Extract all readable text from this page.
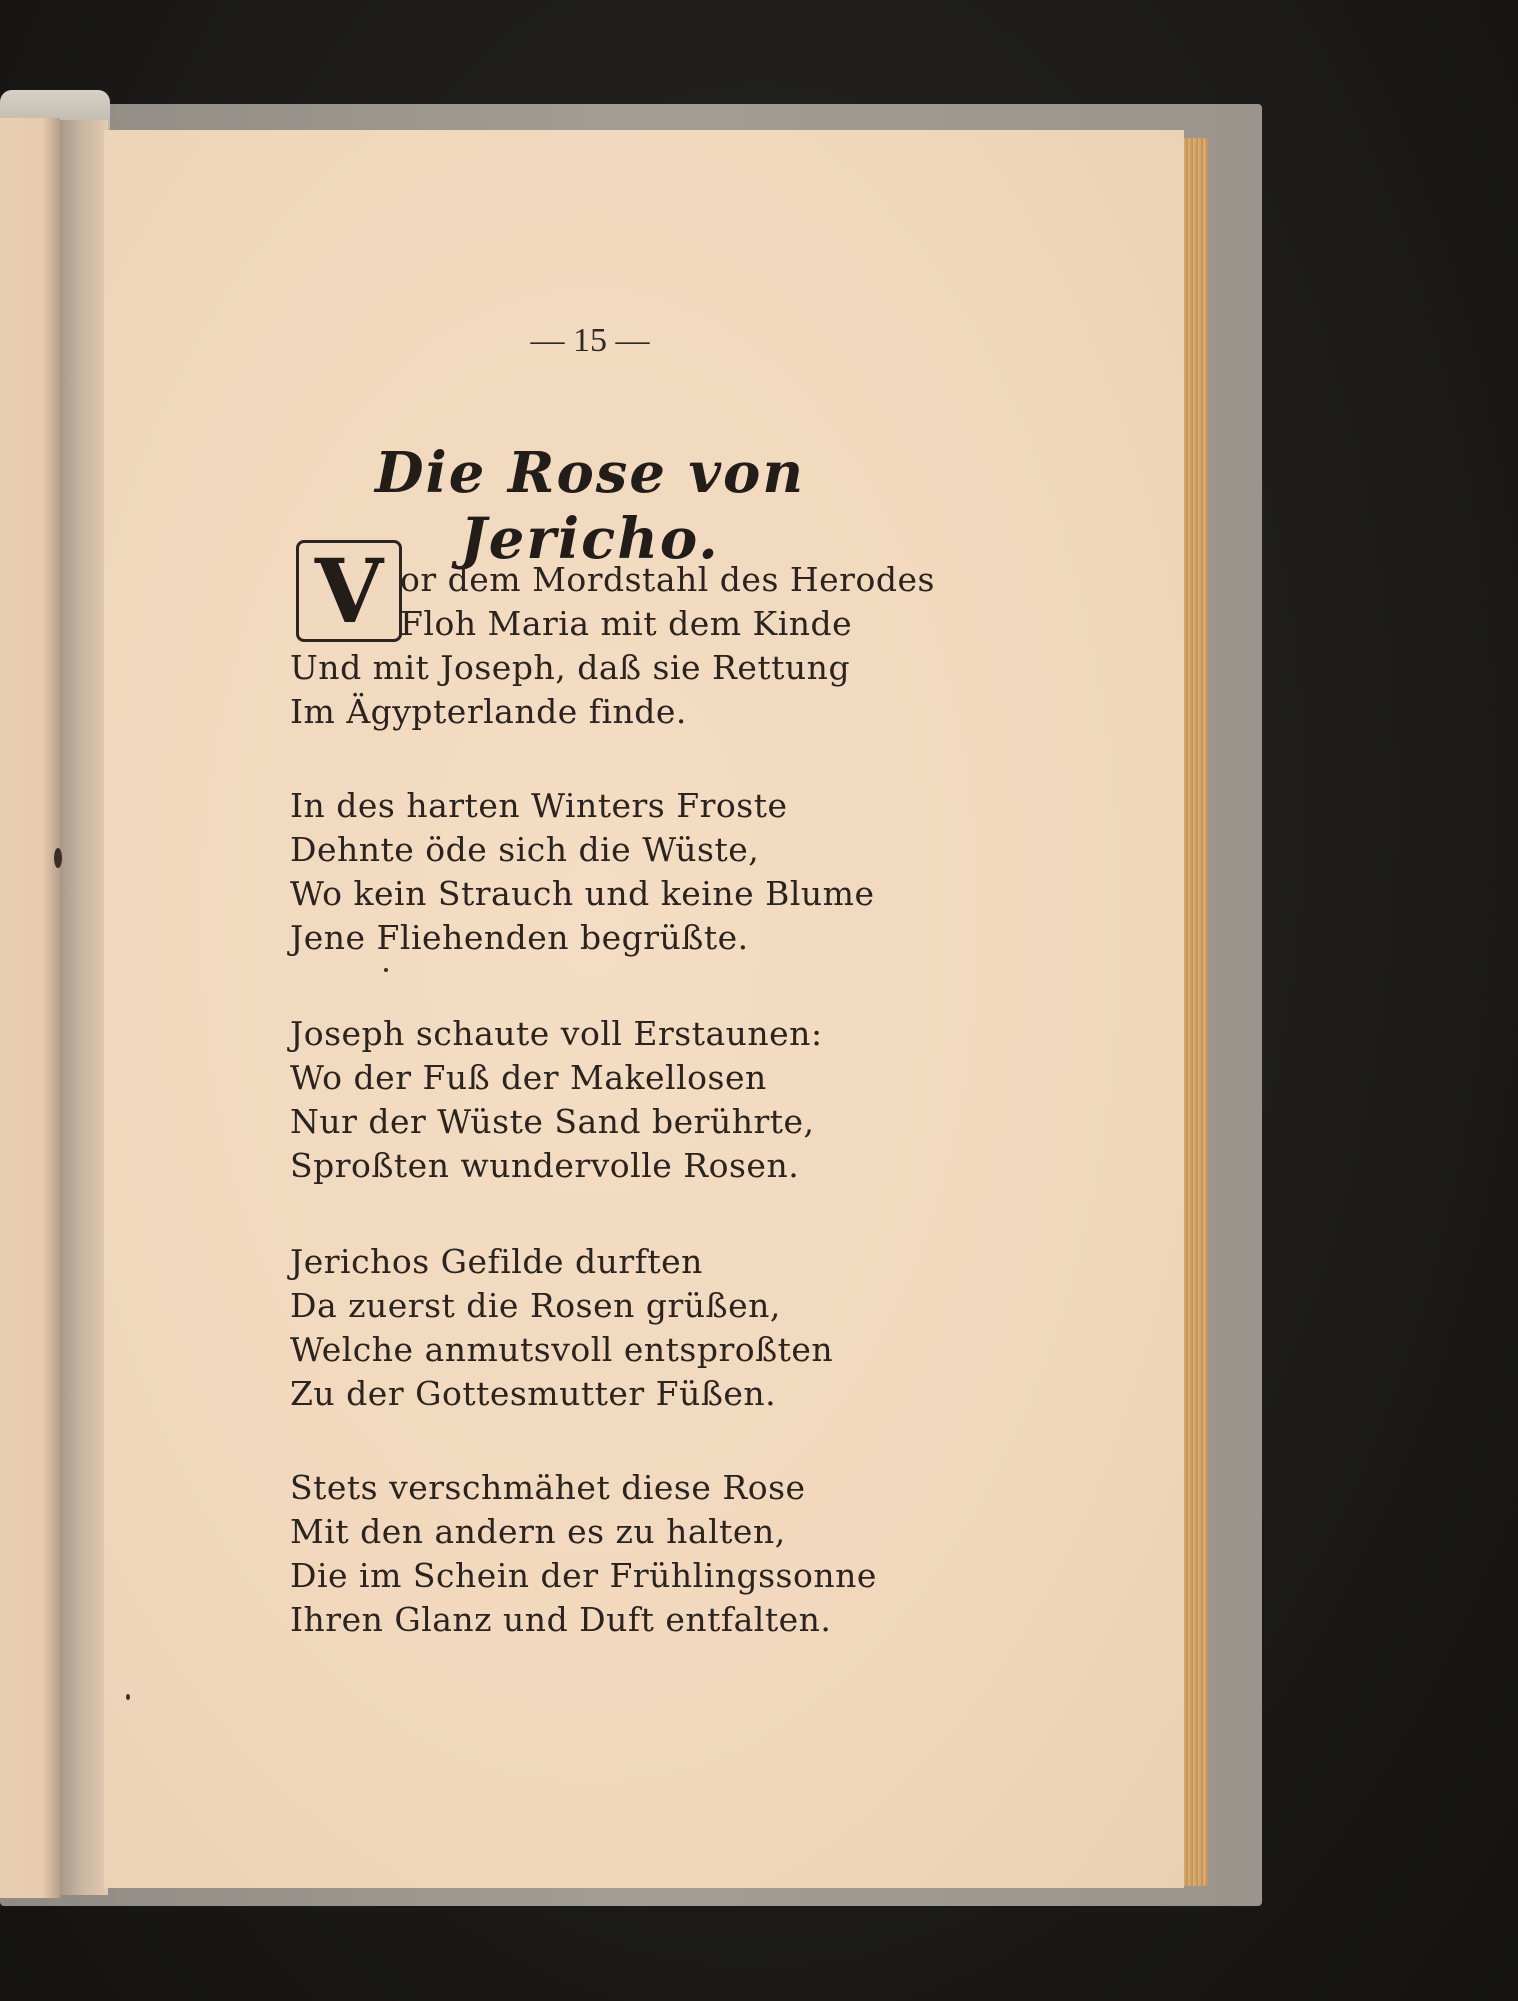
— 15 —
Die Rose von Jericho.
V or dem Mordstahl des Herodes
Floh Maria mit dem Kinde
Und mit Joseph, daß sie Rettung
Im Ägypterlande finde.
In des harten Winters Froste
Dehnte öde sich die Wüste,
Wo kein Strauch und keine Blume
Jene Fliehenden begrüßte.
Joseph schaute voll Erstaunen:
Wo der Fuß der Makellosen
Nur der Wüste Sand berührte,
Sproßten wundervolle Rosen.
Jerichos Gefilde durften
Da zuerst die Rosen grüßen,
Welche anmutsvoll entsproßten
Zu der Gottesmutter Füßen.
Stets verschmähet diese Rose
Mit den andern es zu halten,
Die im Schein der Frühlingssonne
Ihren Glanz und Duft entfalten.
